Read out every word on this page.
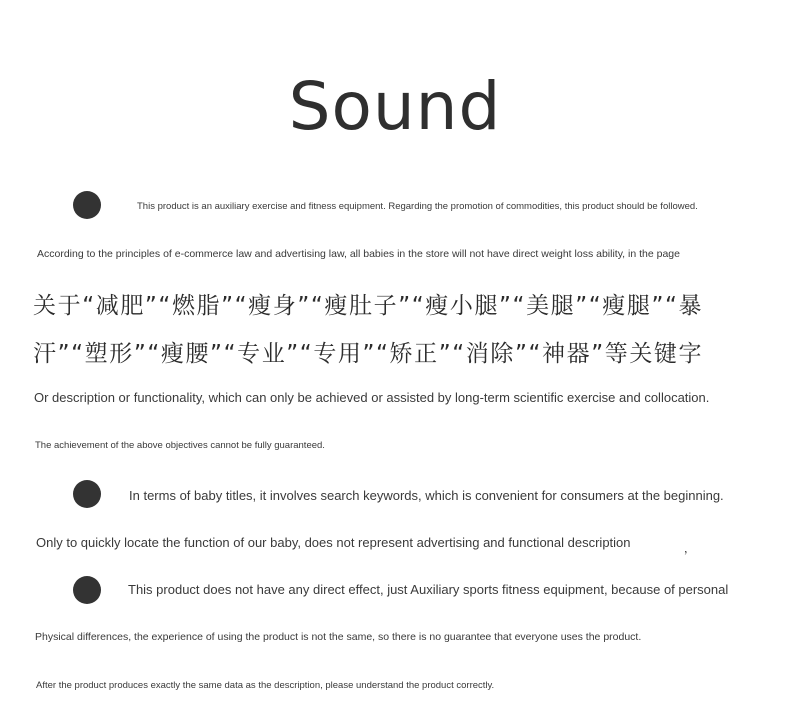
Sound
This product is an auxiliary exercise and fitness equipment. Regarding the promotion of commodities, this product should be followed.
According to the principles of e-commerce law and advertising law, all babies in the store will not have direct weight loss ability, in the page
关于“减肥”“燃脂”“瘦身”“瘦肚子”“瘦小腿”“美腿”“瘦腿”“暴
汗”“塑形”“瘦腰”“专业”“专用”“矫正”“消除”“神器”等关键字
Or description or functionality, which can only be achieved or assisted by long-term scientific exercise and collocation.
The achievement of the above objectives cannot be fully guaranteed.
In terms of baby titles, it involves search keywords, which is convenient for consumers at the beginning.
Only to quickly locate the function of our baby, does not represent advertising and functional description	，
This product does not have any direct effect, just Auxiliary sports fitness equipment, because of personal
Physical differences, the experience of using the product is not the same, so there is no guarantee that everyone uses the product.
After the product produces exactly the same data as the description, please understand the product correctly.
